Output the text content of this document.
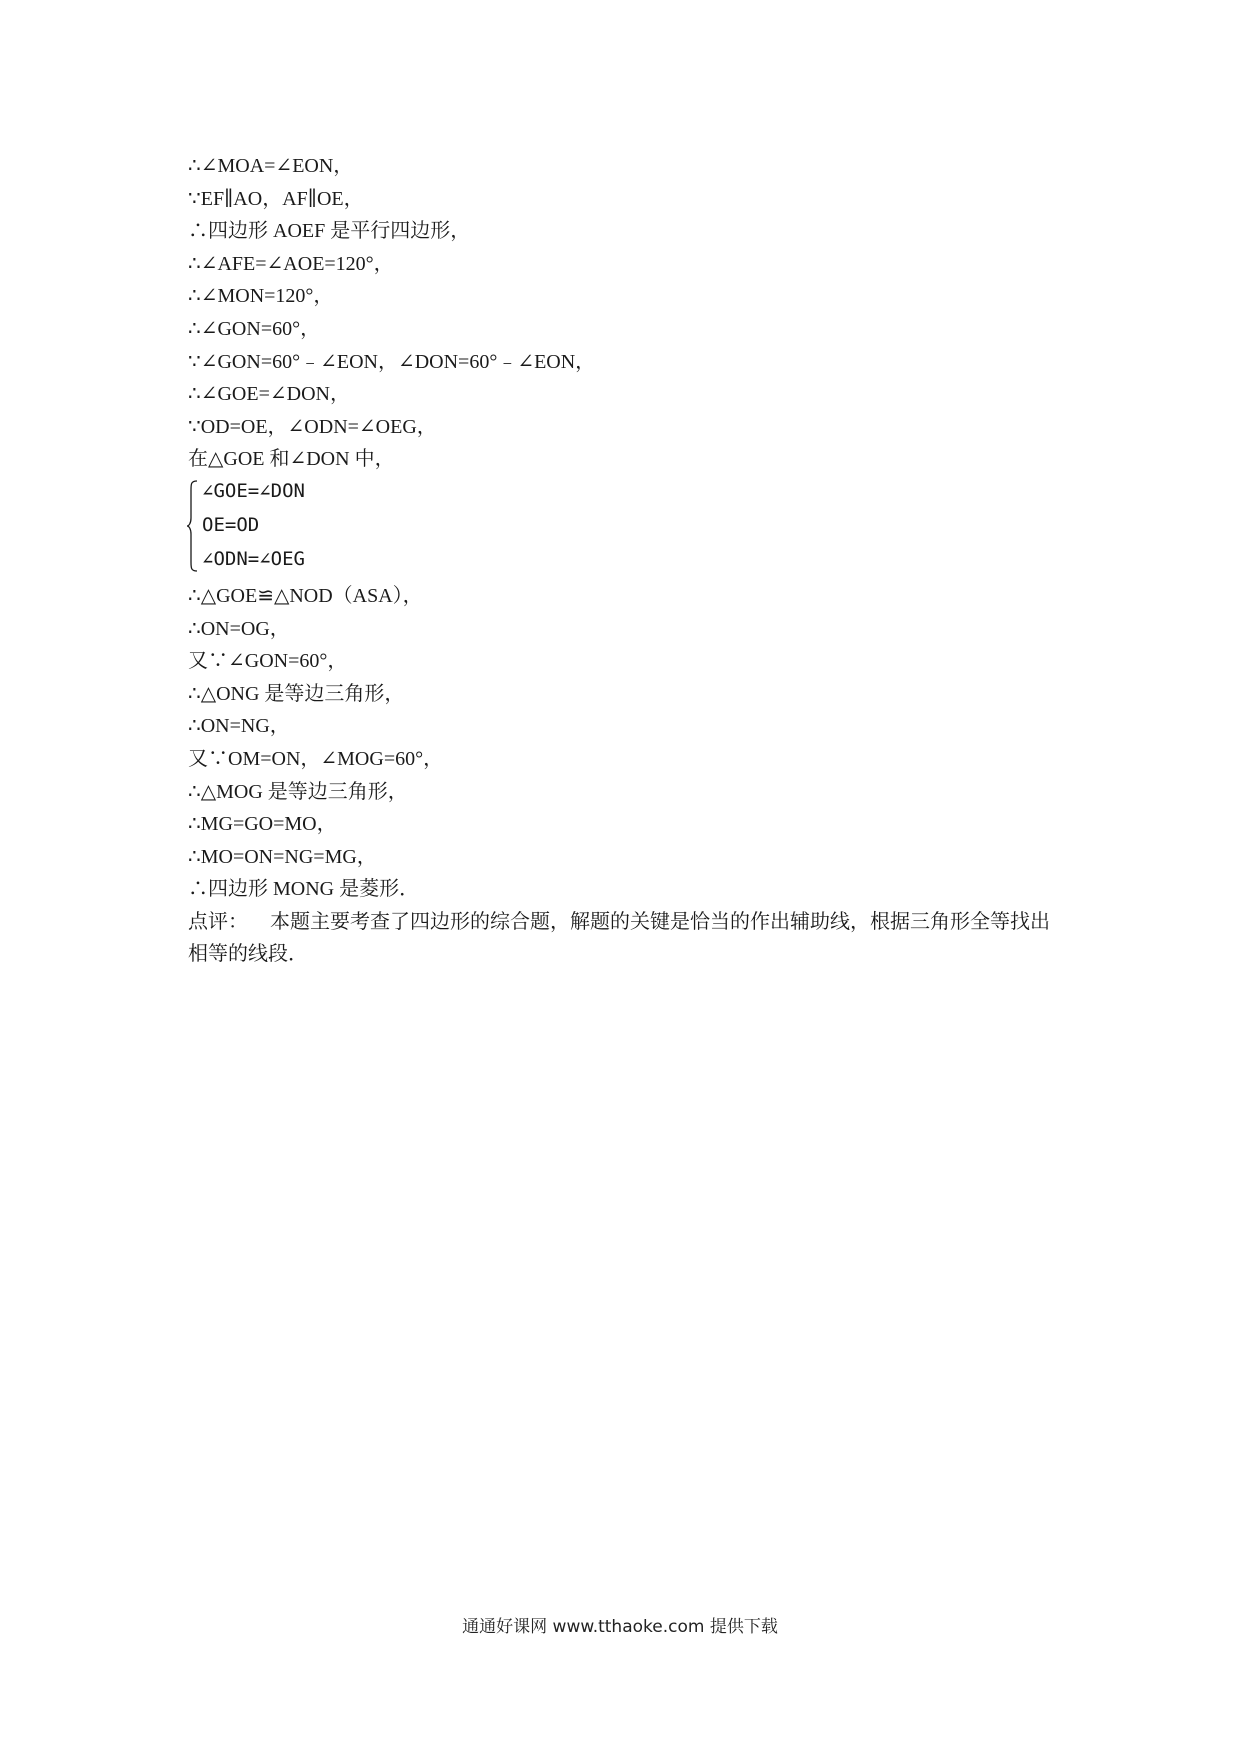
∴∠MOA=∠EON，
∵EF∥AO，AF∥OE，
∴四边形 AOEF 是平行四边形，
∴∠AFE=∠AOE=120°，
∴∠MON=120°，
∴∠GON=60°，
∵∠GON=60°﹣∠EON，∠DON=60°﹣∠EON，
∴∠GOE=∠DON，
∵OD=OE，∠ODN=∠OEG，
在△GOE 和∠DON 中，
∠GOE=∠DON
OE=OD
∠ODN=∠OEG
∴△GOE≌△NOD（ASA），
∴ON=OG，
又∵∠GON=60°，
∴△ONG 是等边三角形，
∴ON=NG，
又∵OM=ON，∠MOG=60°，
∴△MOG 是等边三角形，
∴MG=GO=MO，
∴MO=ON=NG=MG，
∴四边形 MONG 是菱形．
点评： 本题主要考查了四边形的综合题，解题的关键是恰当的作出辅助线，根据三角形全等找出相等的线段．
通通好课网 www.tthaoke.com 提供下载
